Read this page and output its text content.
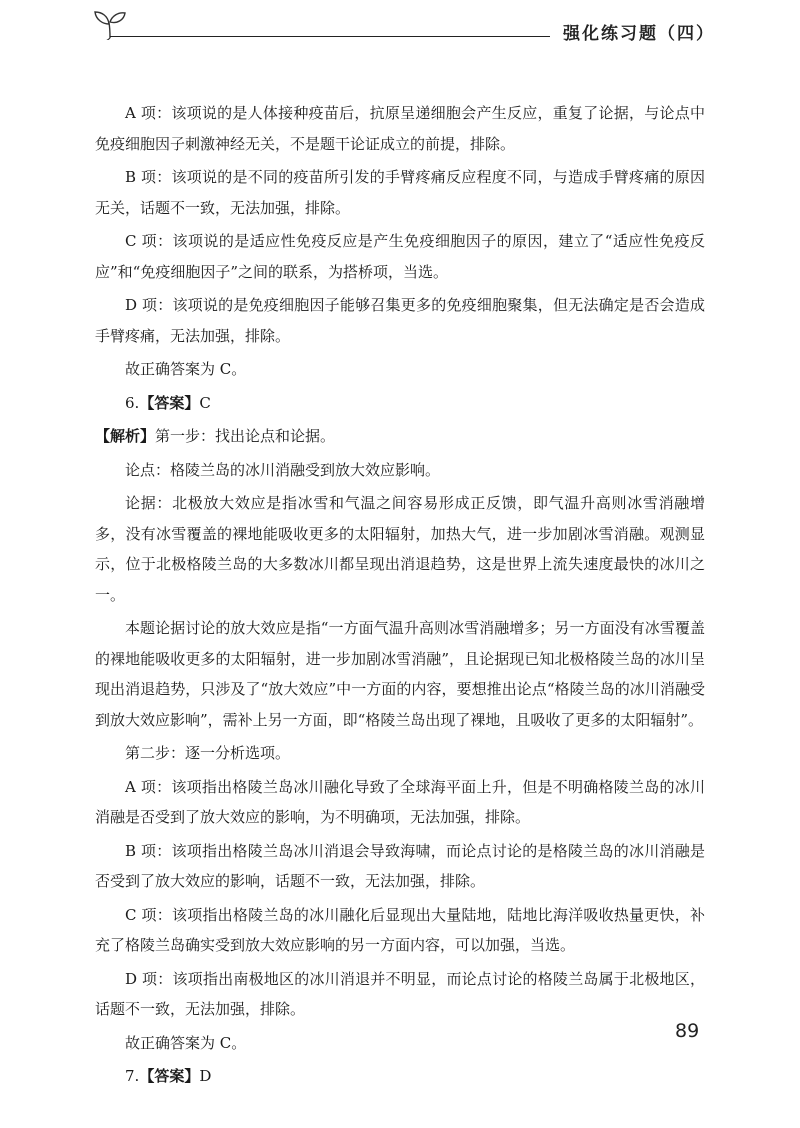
强化练习题（四）

A 项：该项说的是人体接种疫苗后，抗原呈递细胞会产生反应，重复了论据，与论点中免疫细胞因子刺激神经无关，不是题干论证成立的前提，排除。

B 项：该项说的是不同的疫苗所引发的手臂疼痛反应程度不同，与造成手臂疼痛的原因无关，话题不一致，无法加强，排除。

C 项：该项说的是适应性免疫反应是产生免疫细胞因子的原因，建立了“适应性免疫反应”和“免疫细胞因子”之间的联系，为搭桥项，当选。

D 项：该项说的是免疫细胞因子能够召集更多的免疫细胞聚集，但无法确定是否会造成手臂疼痛，无法加强，排除。

故正确答案为 C。

6.【答案】C

【解析】第一步：找出论点和论据。

论点：格陵兰岛的冰川消融受到放大效应影响。

论据：北极放大效应是指冰雪和气温之间容易形成正反馈，即气温升高则冰雪消融增多，没有冰雪覆盖的裸地能吸收更多的太阳辐射，加热大气，进一步加剧冰雪消融。观测显示，位于北极格陵兰岛的大多数冰川都呈现出消退趋势，这是世界上流失速度最快的冰川之一。

本题论据讨论的放大效应是指“一方面气温升高则冰雪消融增多；另一方面没有冰雪覆盖的裸地能吸收更多的太阳辐射，进一步加剧冰雪消融”，且论据现已知北极格陵兰岛的冰川呈现出消退趋势，只涉及了“放大效应”中一方面的内容，要想推出论点“格陵兰岛的冰川消融受到放大效应影响”，需补上另一方面，即“格陵兰岛出现了裸地，且吸收了更多的太阳辐射”。

第二步：逐一分析选项。

A 项：该项指出格陵兰岛冰川融化导致了全球海平面上升，但是不明确格陵兰岛的冰川消融是否受到了放大效应的影响，为不明确项，无法加强，排除。

B 项：该项指出格陵兰岛冰川消退会导致海啸，而论点讨论的是格陵兰岛的冰川消融是否受到了放大效应的影响，话题不一致，无法加强，排除。

C 项：该项指出格陵兰岛的冰川融化后显现出大量陆地，陆地比海洋吸收热量更快，补充了格陵兰岛确实受到放大效应影响的另一方面内容，可以加强，当选。

D 项：该项指出南极地区的冰川消退并不明显，而论点讨论的格陵兰岛属于北极地区，话题不一致，无法加强，排除。

故正确答案为 C。

7.【答案】D

89
